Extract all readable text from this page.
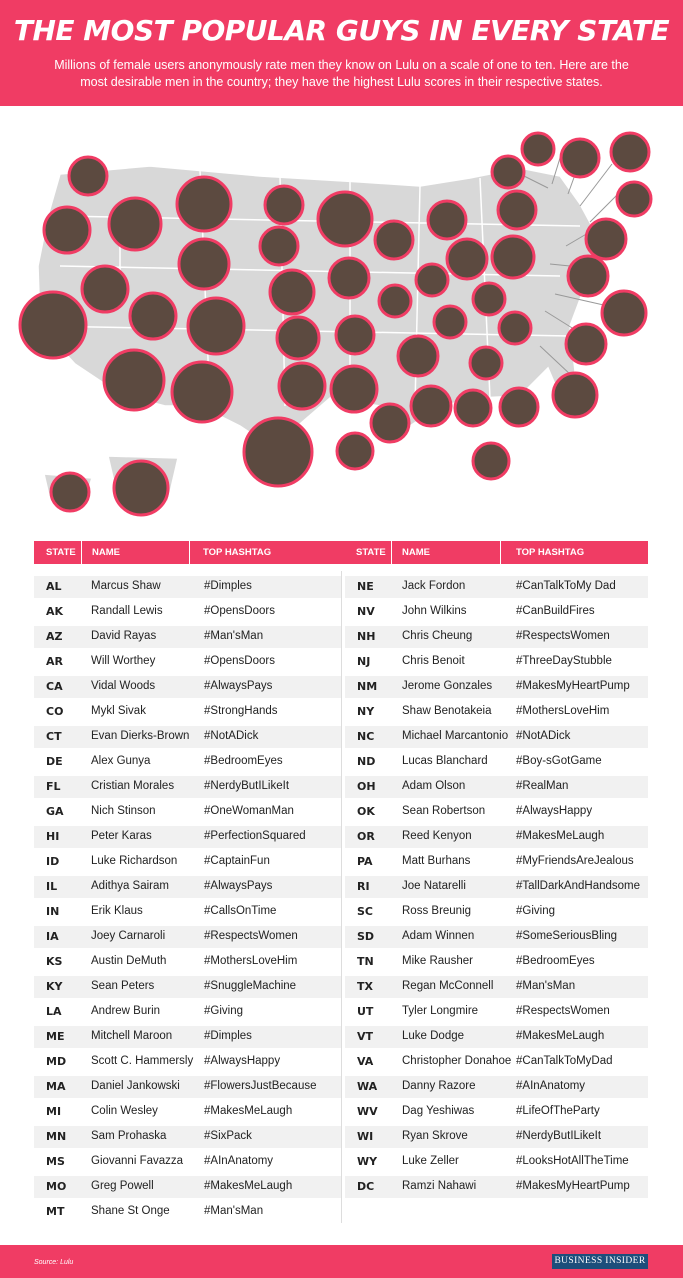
THE MOST POPULAR GUYS IN EVERY STATE
Millions of female users anonymously rate men they know on Lulu on a scale of one to ten. Here are the most desirable men in the country; they have the highest Lulu scores in their respective states.
STATE NAME	TOP HASHTAG	STATE NAME	TOP HASHTAG
AL	Marcus Shaw	#Dimples
AK Randall Lewis	#OpensDoors
AZ David Rayas	#Man'sMan
AR Will Worthey	#OpensDoors
CA Vidal Woods	#AlwaysPays
CO Mykl Sivak	#StrongHands
CT	Evan Dierks-Brown #NotADick
DE Alex Gunya	#BedroomEyes
FL	Cristian Morales	#NerdyButILikeIt
GA Nich Stinson	#OneWomanMan
HI	Peter Karas	#PerfectionSquared
ID	Luke Richardson #CaptainFun
IL	Adithya Sairam	#AlwaysPays
IN	Erik Klaus	#CallsOnTime
IA	Joey Carnaroli	#RespectsWomen
KS Austin DeMuth	#MothersLoveHim
KY Sean Peters	#SnuggleMachine
LA	Andrew Burin	#Giving
ME Mitchell Maroon	#Dimples
MD Scott C. Hammersly #AlwaysHappy
MA Daniel Jankowski #FlowersJustBecause
MI	Colin Wesley	#MakesMeLaugh
MN Sam Prohaska	#SixPack
MS Giovanni Favazza #AInAnatomy
MO Greg Powell	#MakesMeLaugh
MT Shane St Onge	#Man'sMan
NE Jack Fordon	#CanTalkToMy Dad
NV John Wilkins	#CanBuildFires
NH Chris Cheung	#RespectsWomen
NJ	Chris Benoit	#ThreeDayStubble
NM Jerome Gonzales #MakesMyHeartPump
NY Shaw Benotakeia #MothersLoveHim
NC Michael Marcantonio #NotADick
ND Lucas Blanchard #Boy-sGotGame
OH Adam Olson	#RealMan
OK Sean Robertson	#AlwaysHappy
OR Reed Kenyon	#MakesMeLaugh
PA	Matt Burhans	#MyFriendsAreJealous
RI	Joe Natarelli	#TallDarkAndHandsome
SC	Ross Breunig	#Giving
SD Adam Winnen	#SomeSeriousBling
TN Mike Rausher	#BedroomEyes
TX	Regan McConnell #Man'sMan
UT Tyler Longmire	#RespectsWomen
VT	Luke Dodge	#MakesMeLaugh
VA Christopher Donahoe #CanTalkToMyDad
WA Danny Razore	#AInAnatomy
WV Dag Yeshiwas	#LifeOfTheParty
WI	Ryan Skrove	#NerdyButILikeIt
WY Luke Zeller	#LooksHotAllTheTime
DC Ramzi Nahawi	#MakesMyHeartPump
Source: Lulu	BUSINESS INSIDER
